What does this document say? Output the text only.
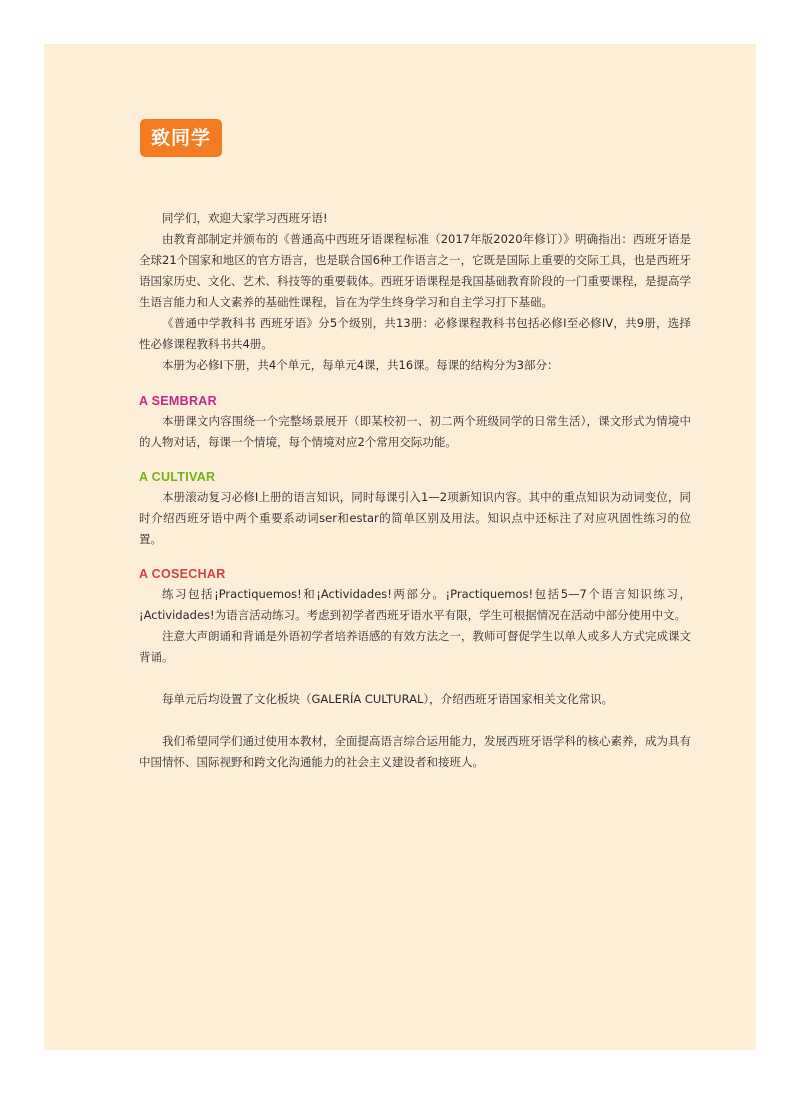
致同学

同学们，欢迎大家学习西班牙语!

由教育部制定并颁布的《普通高中西班牙语课程标准（2017年版2020年修订）》明确指出：西班牙语是全球21个国家和地区的官方语言，也是联合国6种工作语言之一，它既是国际上重要的交际工具，也是西班牙语国家历史、文化、艺术、科技等的重要载体。西班牙语课程是我国基础教育阶段的一门重要课程，是提高学生语言能力和人文素养的基础性课程，旨在为学生终身学习和自主学习打下基础。

《普通中学教科书 西班牙语》分5个级别，共13册：必修课程教科书包括必修I至必修IV，共9册，选择性必修课程教科书共4册。

本册为必修I下册，共4个单元，每单元4课，共16课。每课的结构分为3部分：

A SEMBRAR

本册课文内容围绕一个完整场景展开（即某校初一、初二两个班级同学的日常生活），课文形式为情境中的人物对话，每课一个情境，每个情境对应2个常用交际功能。

A CULTIVAR

本册滚动复习必修I上册的语言知识，同时每课引入1—2项新知识内容。其中的重点知识为动词变位，同时介绍西班牙语中两个重要系动词ser和estar的简单区别及用法。知识点中还标注了对应巩固性练习的位置。

A COSECHAR

练习包括¡Practiquemos!和¡Actividades!两部分。¡Practiquemos!包括5—7个语言知识练习，¡Actividades!为语言活动练习。考虑到初学者西班牙语水平有限，学生可根据情况在活动中部分使用中文。

注意大声朗诵和背诵是外语初学者培养语感的有效方法之一，教师可督促学生以单人或多人方式完成课文背诵。

每单元后均设置了文化板块（GALERÍA CULTURAL），介绍西班牙语国家相关文化常识。

我们希望同学们通过使用本教材，全面提高语言综合运用能力，发展西班牙语学科的核心素养，成为具有中国情怀、国际视野和跨文化沟通能力的社会主义建设者和接班人。
